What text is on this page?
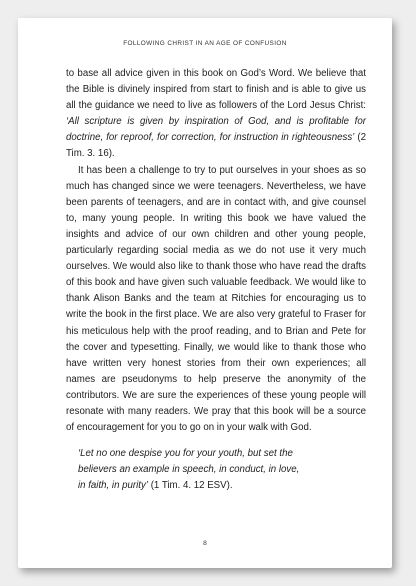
FOLLOWING CHRIST IN AN AGE OF CONFUSION

to base all advice given in this book on God’s Word. We believe that the Bible is divinely inspired from start to finish and is able to give us all the guidance we need to live as followers of the Lord Jesus Christ: ‘All scripture is given by inspiration of God, and is profitable for doctrine, for reproof, for correction, for instruction in righteousness’ (2 Tim. 3. 16).

It has been a challenge to try to put ourselves in your shoes as so much has changed since we were teenagers. Nevertheless, we have been parents of teenagers, and are in contact with, and give counsel to, many young people. In writing this book we have valued the insights and advice of our own children and other young people, particularly regarding social media as we do not use it very much ourselves. We would also like to thank those who have read the drafts of this book and have given such valuable feedback. We would like to thank Alison Banks and the team at Ritchies for encouraging us to write the book in the first place. We are also very grateful to Fraser for his meticulous help with the proof reading, and to Brian and Pete for the cover and typesetting. Finally, we would like to thank those who have written very honest stories from their own experiences; all names are pseudonyms to help preserve the anonymity of the contributors. We are sure the experiences of these young people will resonate with many readers. We pray that this book will be a source of encouragement for you to go on in your walk with God.

‘Let no one despise you for your youth, but set the
believers an example in speech, in conduct, in love,
in faith, in purity’ (1 Tim. 4. 12 ESV).
8
